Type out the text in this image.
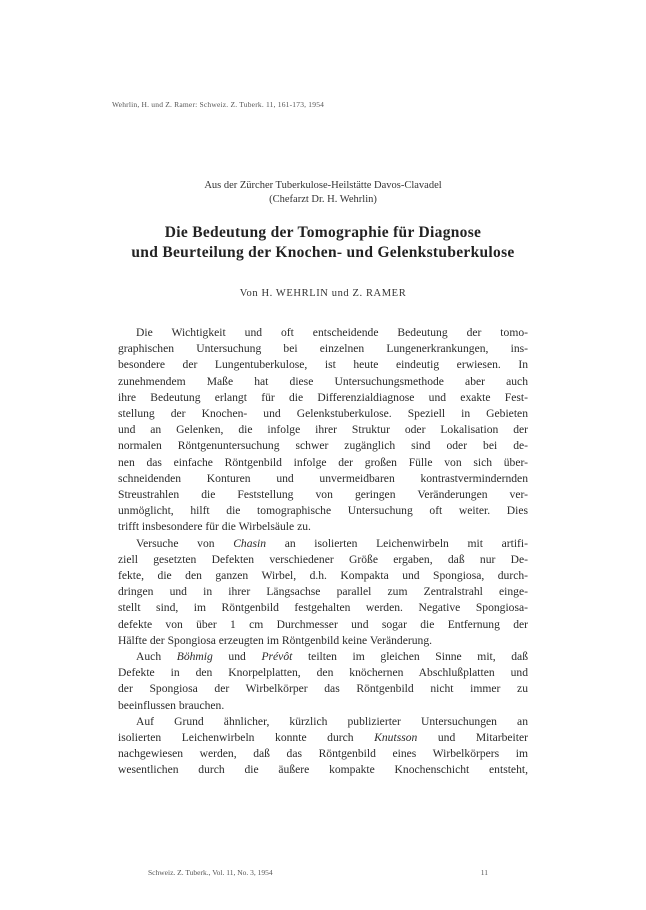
Wehrlin, H. und Z. Ramer: Schweiz. Z. Tuberk. 11, 161-173, 1954
Aus der Zürcher Tuberkulose-Heilstätte Davos-Clavadel
(Chefarzt Dr. H. Wehrlin)
Die Bedeutung der Tomographie für Diagnose
und Beurteilung der Knochen- und Gelenkstuberkulose
Von H. WEHRLIN und Z. RAMER

Die Wichtigkeit und oft entscheidende Bedeutung der tomo-
graphischen Untersuchung bei einzelnen Lungenerkrankungen, ins-
besondere der Lungentuberkulose, ist heute eindeutig erwiesen. In
zunehmendem Maße hat diese Untersuchungsmethode aber auch
ihre Bedeutung erlangt für die Differenzialdiagnose und exakte Fest-
stellung der Knochen- und Gelenkstuberkulose. Speziell in Gebieten
und an Gelenken, die infolge ihrer Struktur oder Lokalisation der
normalen Röntgenuntersuchung schwer zugänglich sind oder bei de-
nen das einfache Röntgenbild infolge der großen Fülle von sich über-
schneidenden Konturen und unvermeidbaren kontrastvermindernden
Streustrahlen die Feststellung von geringen Veränderungen ver-
unmöglicht, hilft die tomographische Untersuchung oft weiter. Dies
trifft insbesondere für die Wirbelsäule zu.

Versuche von Chasin an isolierten Leichenwirbeln mit artifi-
ziell gesetzten Defekten verschiedener Größe ergaben, daß nur De-
fekte, die den ganzen Wirbel, d.h. Kompakta und Spongiosa, durch-
dringen und in ihrer Längsachse parallel zum Zentralstrahl einge-
stellt sind, im Röntgenbild festgehalten werden. Negative Spongiosa-
defekte von über 1 cm Durchmesser und sogar die Entfernung der
Hälfte der Spongiosa erzeugten im Röntgenbild keine Veränderung.

Auch Böhmig und Prévôt teilten im gleichen Sinne mit, daß
Defekte in den Knorpelplatten, den knöchernen Abschlußplatten und
der Spongiosa der Wirbelkörper das Röntgenbild nicht immer zu
beeinflussen brauchen.

Auf Grund ähnlicher, kürzlich publizierter Untersuchungen an
isolierten Leichenwirbeln konnte durch Knutsson und Mitarbeiter
nachgewiesen werden, daß das Röntgenbild eines Wirbelkörpers im
wesentlichen durch die äußere kompakte Knochenschicht entsteht,

Schweiz. Z. Tuberk., Vol. 11, No. 3, 1954	11
